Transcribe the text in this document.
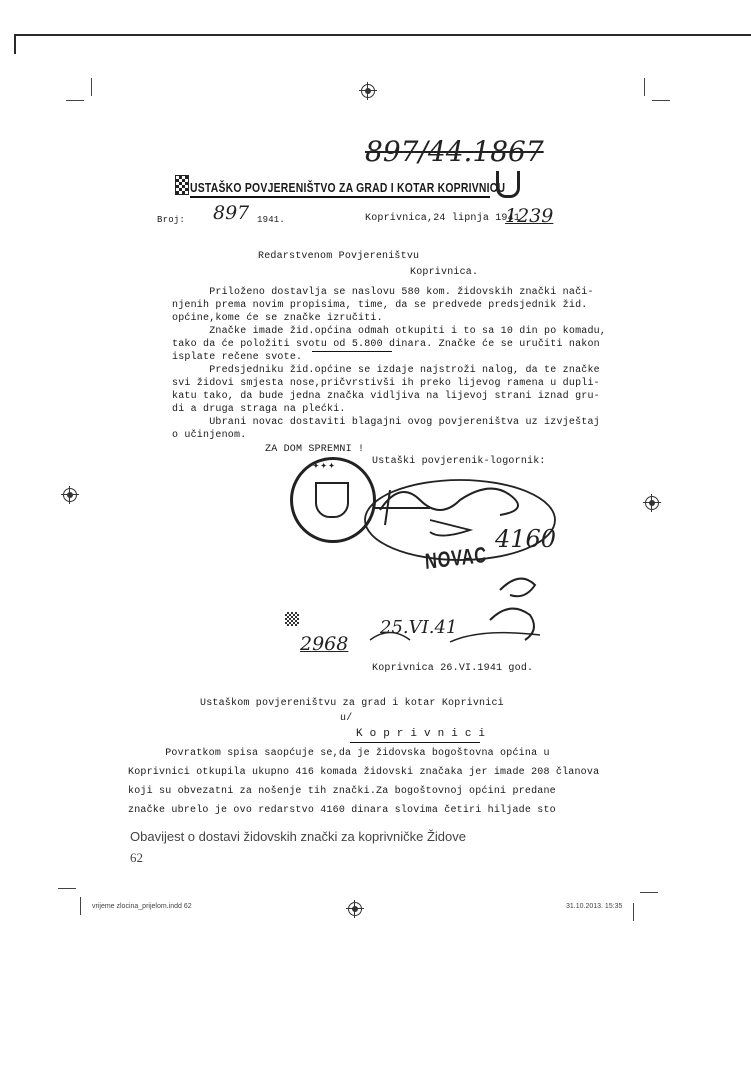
USTAŠKO POVJERENIŠTVO ZA GRAD I KOTAR KOPRIVNICU
897/44.1867
Broj: 897 1941.	Koprivnica,24 lipnja 1941
1239
Redarstvenom Povjereništvu
Koprivnica.
Priloženo dostavlja se naslovu 580 kom. židovskih znački nači-
njenih prema novim propisima, time, da se predvede predsjednik žid.
općine,kome će se značke izručiti.
Značke imade žid.općina odmah otkupiti i to sa 10 din po komadu,
tako da će položiti svotu od 5.800 dinara. Značke će se uručiti nakon
isplate rečene svote.
Predsjedniku žid.općine se izdaje najstroži nalog, da te značke
svi židovi smjesta nose,pričvrstivši ih preko lijevog ramena u dupli-
katu tako, da bude jedna značka vidljiva na lijevoj strani iznad gru-
di a druga straga na plećki.
Ubrani novac dostaviti blagajni ovog povjereništva uz izvještaj
o učinjenom.
ZA DOM SPREMNI !
Ustaški povjerenik-logornik:
✦ ✦ ✦
NOVAC
4160
2968
25.VI.41
Koprivnica 26.VI.1941 god.
Ustaškom povjereništvu za grad i kotar Koprivnici
u/
K o p r i v n i c i
Povratkom spisa saopćuje se,da je židovska bogoštovna općina u
Koprivnici otkupila ukupno 416 komada židovski značaka jer imade 208 članova
koji su obvezatni za nošenje tih znački.Za bogoštovnoj općini predane
značke ubrelo je ovo redarstvo 4160 dinara slovima četiri hiljade sto
Obavijest o dostavi židovskih znački za koprivničke Židove
62
vrijeme zlocina_prijelom.indd 62	31.10.2013. 15:35
